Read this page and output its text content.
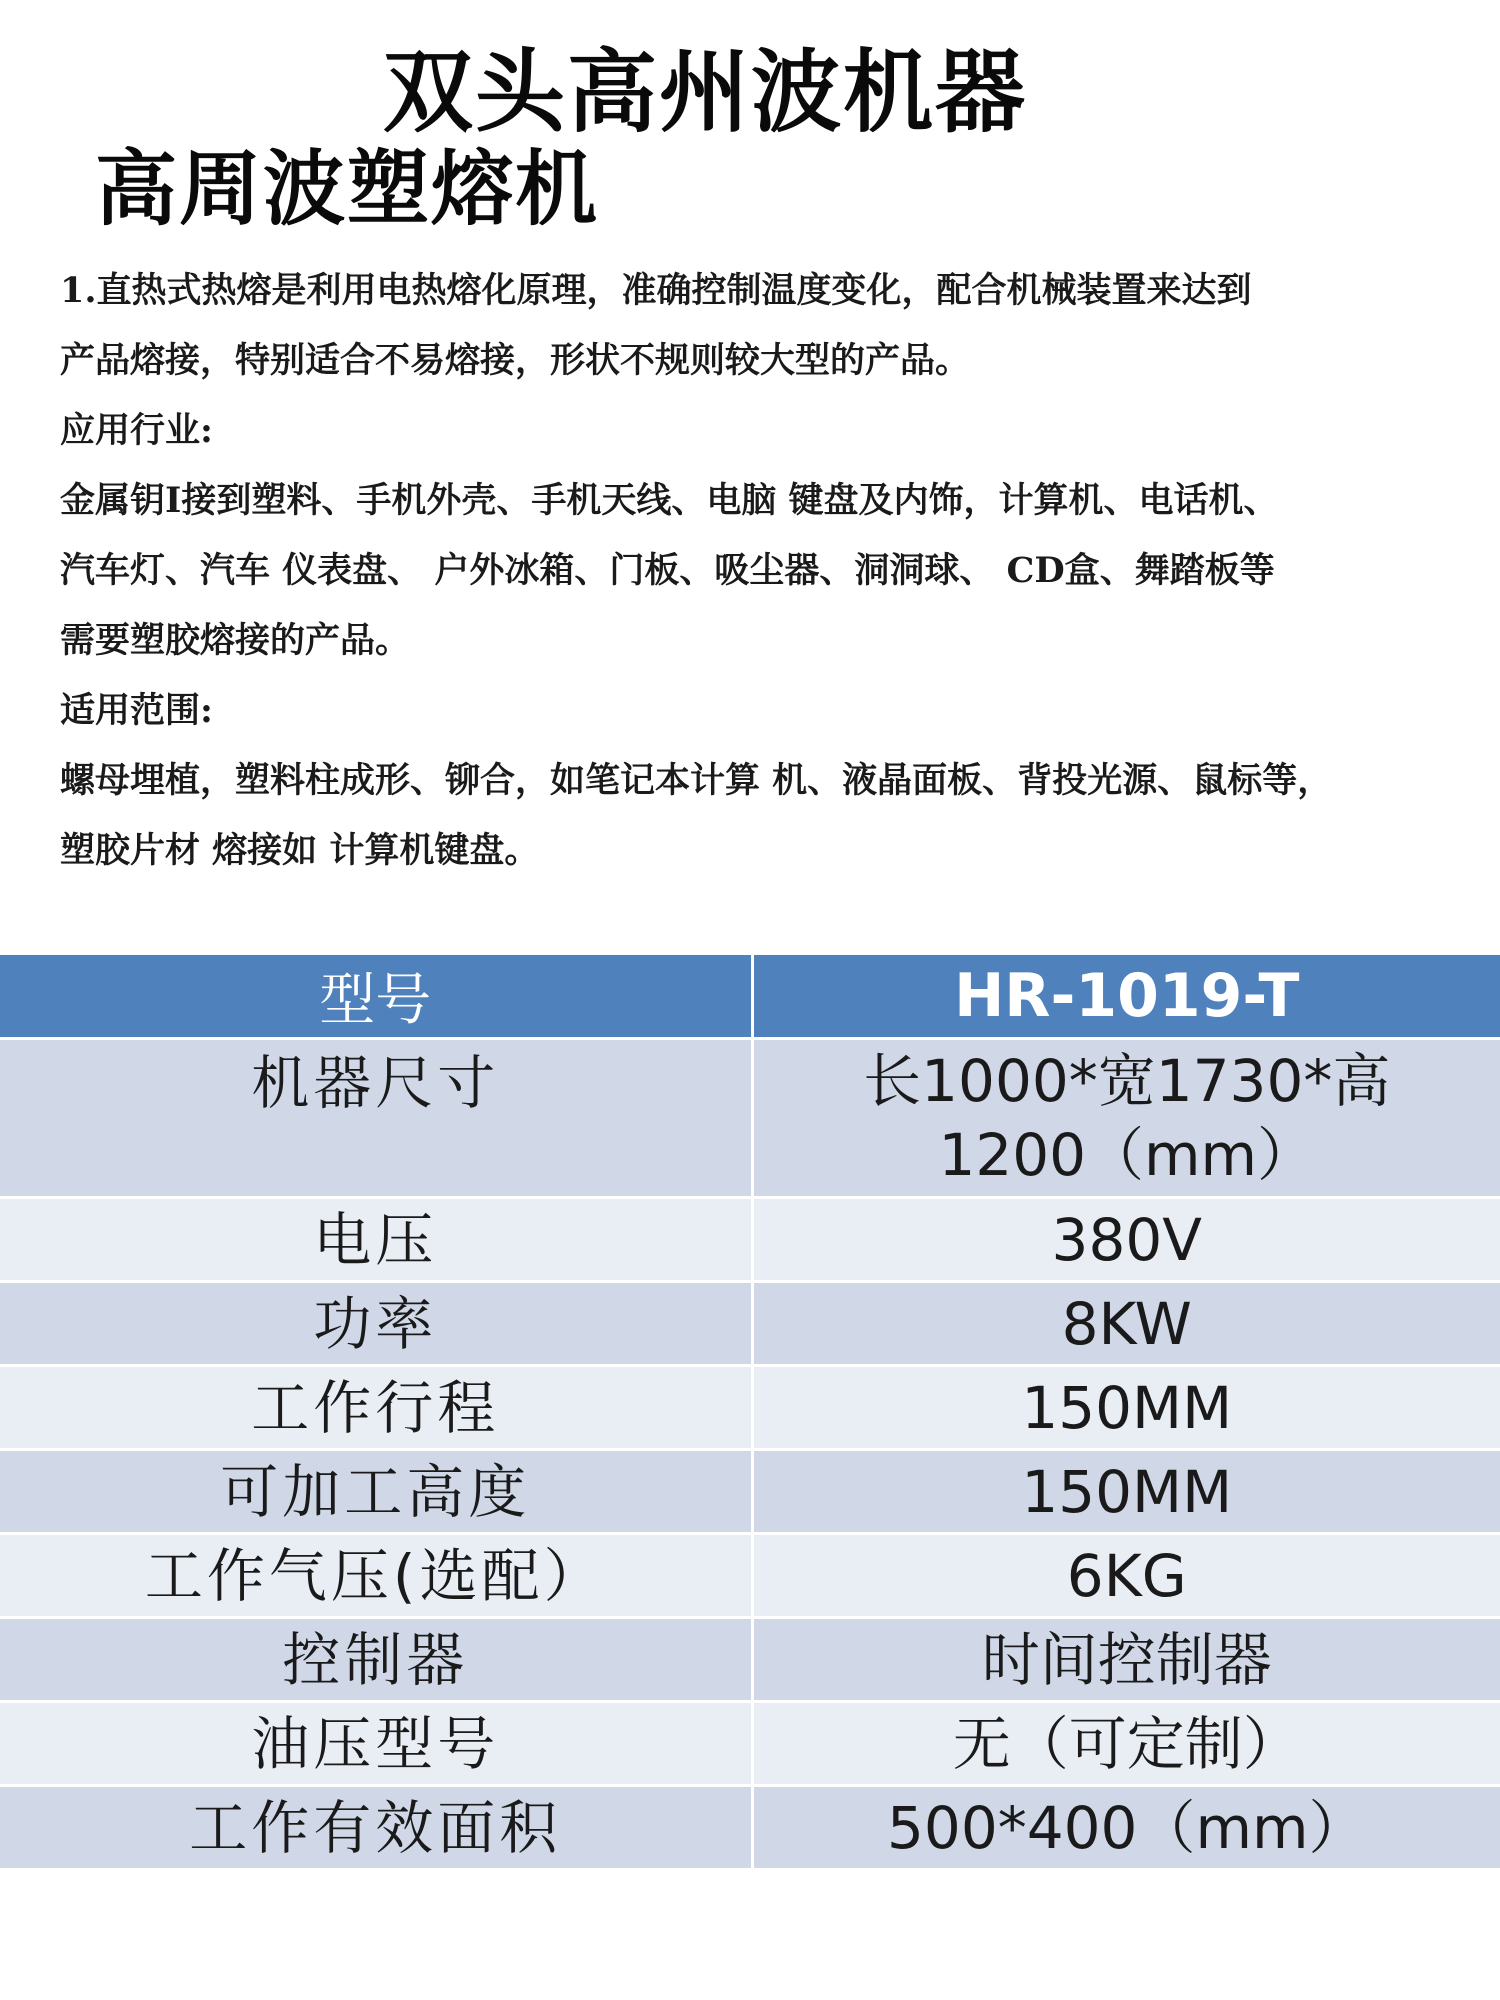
双头高州波机器
高周波塑熔机

1.直热式热熔是利用电热熔化原理，准确控制温度变化，配合机械装置来达到

产品熔接，特别适合不易熔接，形状不规则较大型的产品。

应用行业:

金属钥I接到塑料、手机外壳、手机天线、电脑 键盘及内饰，计算机、电话机、

汽车灯、汽车 仪表盘、 户外冰箱、门板、吸尘器、洞洞球、 CD盒、舞踏板等

需要塑胶熔接的产品。

适用范围:

螺母埋植，塑料柱成形、铆合，如笔记本计算 机、液晶面板、背投光源、鼠标等，

塑胶片材 熔接如 计算机键盘。

型号	HR-1019-T
机器尺寸	长1000*宽1730*高
1200（mm）

电压	380V
功率	8KW
工作行程	150MM
可加工高度	150MM
工作气压(选配）	6KG
控制器	时间控制器
油压型号	无（可定制）
工作有效面积	500*400（mm）
